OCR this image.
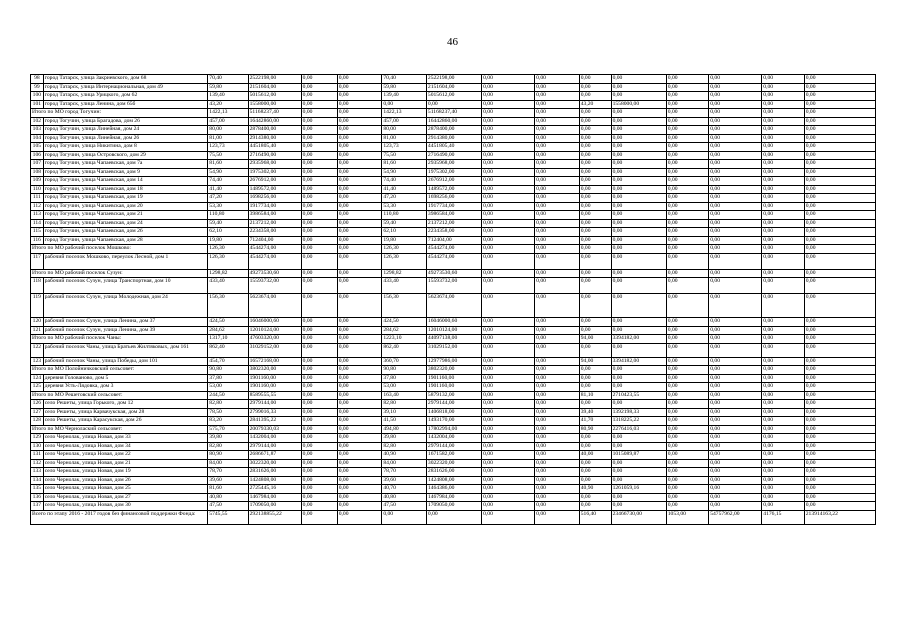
46
98	город Татарск, улица Закриевского, дом 68	70,40	2522198,00	0,00	0,00	70,40	2522198,00	0,00	0,00	0,00	0,00	0,00	0,00	0,00	0,00
99	город Татарск, улица Интернациональная, дом 49	59,80	2151604,00	0,00	0,00	59,80	2151604,00	0,00	0,00	0,00	0,00	0,00	0,00	0,00	0,00
100	город Татарск, улица Урицкого, дом 62	139,40	5015612,00	0,00	0,00	139,40	5015612,00	0,00	0,00	0,00	0,00	0,00	0,00	0,00	0,00
101	город Татарск, улица Ленина, дом 65б	43,20	1558000,00	0,00	0,00	0,00	0,00	0,00	0,00	43,20	1558000,00	0,00	0,00	0,00	0,00
Итого по МО город Тогучин:		1422,13	51168237,40	0,00	0,00	1422,13	51168237,40	0,00	0,00	0,00	0,00	0,00	0,00	0,00	0,00
102	город Тогучин, улица Брагадова, дом 26	457,00	16442860,00	0,00	0,00	457,00	16442860,00	0,00	0,00	0,00	0,00	0,00	0,00	0,00	0,00
103	город Тогучин, улица Линейная, дом 24	80,00	2878400,00	0,00	0,00	80,00	2878400,00	0,00	0,00	0,00	0,00	0,00	0,00	0,00	0,00
104	город Тогучин, улица Линейная, дом 26	81,00	2914380,00	0,00	0,00	81,00	2914380,00	0,00	0,00	0,00	0,00	0,00	0,00	0,00	0,00
105	город Тогучин, улица Никитина, дом 8	123,73	4451805,40	0,00	0,00	123,73	4451805,40	0,00	0,00	0,00	0,00	0,00	0,00	0,00	0,00
106	город Тогучин, улица Островского, дом 29	75,50	2716490,00	0,00	0,00	75,50	2716490,00	0,00	0,00	0,00	0,00	0,00	0,00	0,00	0,00
107	город Тогучин, улица Чапаевская, дом 7а	81,60	2935968,00	0,00	0,00	81,60	2935968,00	0,00	0,00	0,00	0,00	0,00	0,00	0,00	0,00
108	город Тогучин, улица Чапаевская, дом 9	54,90	1975302,00	0,00	0,00	54,90	1975302,00	0,00	0,00	0,00	0,00	0,00	0,00	0,00	0,00
109	город Тогучин, улица Чапаевская, дом 14	74,40	2676912,00	0,00	0,00	74,40	2676912,00	0,00	0,00	0,00	0,00	0,00	0,00	0,00	0,00
110	город Тогучин, улица Чапаевская, дом 18	41,40	1489572,00	0,00	0,00	41,40	1489572,00	0,00	0,00	0,00	0,00	0,00	0,00	0,00	0,00
111	город Тогучин, улица Чапаевская, дом 19	47,20	1698256,00	0,00	0,00	47,20	1698256,00	0,00	0,00	0,00	0,00	0,00	0,00	0,00	0,00
112	город Тогучин, улица Чапаевская, дом 20	53,30	1917734,00	0,00	0,00	53,30	1917734,00	0,00	0,00	0,00	0,00	0,00	0,00	0,00	0,00
113	город Тогучин, улица Чапаевская, дом 21	110,80	3986584,00	0,00	0,00	110,80	3986584,00	0,00	0,00	0,00	0,00	0,00	0,00	0,00	0,00
114	город Тогучин, улица Чапаевская, дом 24	59,40	2137212,00	0,00	0,00	59,40	2137212,00	0,00	0,00	0,00	0,00	0,00	0,00	0,00	0,00
115	город Тогучин, улица Чапаевская, дом 26	62,10	2234358,00	0,00	0,00	62,10	2234358,00	0,00	0,00	0,00	0,00	0,00	0,00	0,00	0,00
116	город Тогучин, улица Чапаевская, дом 28	19,80	712404,00	0,00	0,00	19,80	712404,00	0,00	0,00	0,00	0,00	0,00	0,00	0,00	0,00
Итого по МО рабочий поселок Мошково:		126,30	4544274,00	0,00	0,00	126,30	4544274,00	0,00	0,00	0,00	0,00	0,00	0,00	0,00	0,00
117	рабочий поселок Мошково, переулок Лесной, дом 1	126,30	4544274,00	0,00	0,00	126,30	4544274,00	0,00	0,00	0,00	0,00	0,00	0,00	0,00	0,00
Итого по МО рабочий поселок Сузун:		1298,82	49273530,60	0,00	0,00	1298,82	49273530,60	0,00	0,00	0,00	0,00	0,00	0,00	0,00	0,00
118	рабочий поселок Сузун, улица Транспортная, дом 10	433,40	15593732,00	0,00	0,00	433,40	15593732,00	0,00	0,00	0,00	0,00	0,00	0,00	0,00	0,00
119	рабочий поселок Сузун, улица Молодежная, дом 24	156,30	5623674,00	0,00	0,00	156,30	5623674,00	0,00	0,00	0,00	0,00	0,00	0,00	0,00	0,00
120	рабочий поселок Сузун, улица Ленина, дом 37	424,50	16046000,60	0,00	0,00	424,50	16046000,60	0,00	0,00	0,00	0,00	0,00	0,00	0,00	0,00
121	рабочий поселок Сузун, улица Ленина, дом 39	284,62	12010124,00	0,00	0,00	284,62	12010124,00	0,00	0,00	0,00	0,00	0,00	0,00	0,00	0,00
Итого по МО рабочий поселок Чаны:		1317,10	47603320,00	0,00	0,00	1223,10	44097138,00	0,00	0,00	94,00	3394182,00	0,00	0,00	0,00	0,00
122	рабочий поселок Чаны, улица Братьев Жилтяковых, дом 161	862,40	31029152,00	0,00	0,00	862,40	31029152,00	0,00	0,00	0,00	0,00	0,00	0,00	0,00	0,00
123	рабочий поселок Чаны, улица Победы, дом 101	454,70	16572168,00	0,00	0,00	360,70	12977986,00	0,00	0,00	94,00	3394182,00	0,00	0,00	0,00	0,00
Итого по МО Полойничковский сельсовет:		90,80	3802320,00	0,00	0,00	90,80	3802320,00	0,00	0,00	0,00	0,00	0,00	0,00	0,00	0,00
124	деревня Голованово, дом 5	37,80	1901160,00	0,00	0,00	37,80	1901160,00	0,00	0,00	0,00	0,00	0,00	0,00	0,00	0,00
125	деревня Усть-Лядовка, дом 3	53,00	1901160,00	0,00	0,00	53,00	1901160,00	0,00	0,00	0,00	0,00	0,00	0,00	0,00	0,00
Итого по МО Решетовский сельсовет:		244,50	8589555,55	0,00	0,00	163,40	5879132,00	0,00	0,00	81,10	2710423,55	0,00	0,00	0,00	0,00
126	село Решеты, улица Горького, дом 12	82,80	2979144,00	0,00	0,00	82,80	2979144,00	0,00	0,00	0,00	0,00	0,00	0,00	0,00	0,00
127	село Решеты, улица Карвачукская, дом 28	78,50	2799016,33	0,00	0,00	39,10	1406818,00	0,00	0,00	39,40	1392198,33	0,00	0,00	0,00	0,00
128	село Решеты, улица Карасукская, дом 26	83,20	2841395,22	0,00	0,00	41,50	1493170,00	0,00	0,00	41,70	1318225,22	0,00	0,00	0,00	0,00
Итого по МО Чернолаский сельсовет:		575,70	20079330,03	0,00	0,00	494,80	17802994,00	0,00	0,00	80,90	2276416,03	0,00	0,00	0,00	0,00
129	село Чернолак, улица Новая, дом 33	39,80	1432004,00	0,00	0,00	39,80	1432004,00	0,00	0,00	0,00	0,00	0,00	0,00	0,00	0,00
130	село Чернолак, улица Новая, дом 34	82,80	2979144,00	0,00	0,00	82,80	2979144,00	0,00	0,00	0,00	0,00	0,00	0,00	0,00	0,00
131	село Чернолак, улица Новая, дом 22	80,90	2686671,87	0,00	0,00	40,90	1671582,00	0,00	0,00	40,00	1015089,87	0,00	0,00	0,00	0,00
132	село Чернолак, улица Новая, дом 21	84,00	3022320,00	0,00	0,00	84,00	3022320,00	0,00	0,00	0,00	0,00	0,00	0,00	0,00	0,00
133	село Чернолак, улица Новая, дом 19	78,70	2831626,00	0,00	0,00	78,70	2831626,00	0,00	0,00	0,00	0,00	0,00	0,00	0,00	0,00
134	село Чернолак, улица Новая, дом 26	39,60	1424808,00	0,00	0,00	39,60	1424808,00	0,00	0,00	0,00	0,00	0,00	0,00	0,00	0,00
135	село Чернолак, улица Новая, дом 25	81,60	2725445,16	0,00	0,00	40,70	1464386,00	0,00	0,00	40,90	1261059,16	0,00	0,00	0,00	0,00
136	село Чернолак, улица Новая, дом 27	40,80	1467984,00	0,00	0,00	40,80	1467984,00	0,00	0,00	0,00	0,00	0,00	0,00	0,00	0,00
137	село Чернолак, улица Новая, дом 30	47,50	1709050,00	0,00	0,00	47,50	1709050,00	0,00	0,00	0,00	0,00	0,00	0,00	0,00	0,00
Всего по этапу 2016 - 2017 годов без финансовой поддержки Фонда:		5745,55	292138855,22	0,00	0,00	0,00	0,00	0,00	0,00	516,40	23466730,00	1053,00	54757962,00	4176,15	213914163,22
